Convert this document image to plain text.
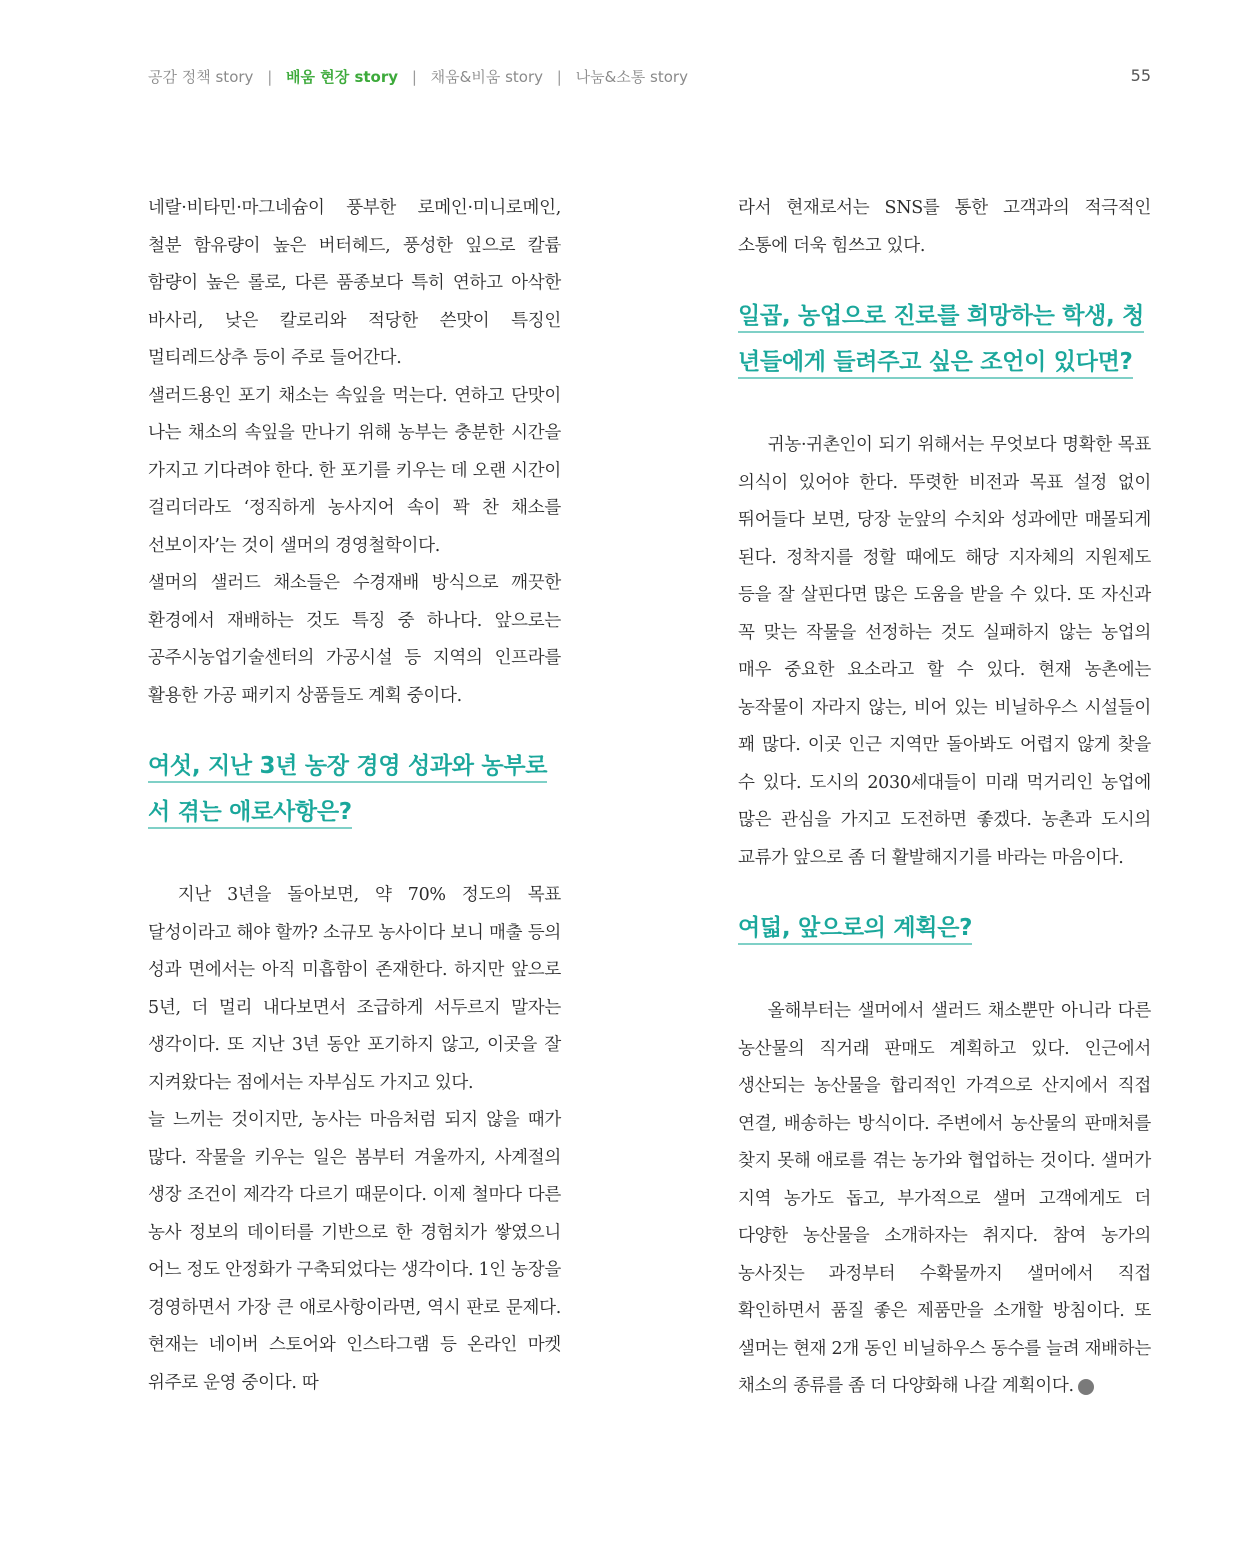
공감 정책 story | 배움 현장 story | 채움&비움 story | 나눔&소통 story	55

네랄·비타민·마그네슘이 풍부한 로메인·미니로메인, 철분 함유량이 높은 버터헤드, 풍성한 잎으로 칼륨 함량이 높은 롤로, 다른 품종보다 특히 연하고 아삭한 바사리, 낮은 칼로리와 적당한 쓴맛이 특징인 멀티레드상추 등이 주로 들어간다.

샐러드용인 포기 채소는 속잎을 먹는다. 연하고 단맛이 나는 채소의 속잎을 만나기 위해 농부는 충분한 시간을 가지고 기다려야 한다. 한 포기를 키우는 데 오랜 시간이 걸리더라도 ‘정직하게 농사지어 속이 꽉 찬 채소를 선보이자’는 것이 샐머의 경영철학이다.

샐머의 샐러드 채소들은 수경재배 방식으로 깨끗한 환경에서 재배하는 것도 특징 중 하나다. 앞으로는 공주시농업기술센터의 가공시설 등 지역의 인프라를 활용한 가공 패키지 상품들도 계획 중이다.

여섯, 지난 3년 농장 경영 성과와 농부로서 겪는 애로사항은?

지난 3년을 돌아보면, 약 70% 정도의 목표 달성이라고 해야 할까? 소규모 농사이다 보니 매출 등의 성과 면에서는 아직 미흡함이 존재한다. 하지만 앞으로 5년, 더 멀리 내다보면서 조급하게 서두르지 말자는 생각이다. 또 지난 3년 동안 포기하지 않고, 이곳을 잘 지켜왔다는 점에서는 자부심도 가지고 있다.

늘 느끼는 것이지만, 농사는 마음처럼 되지 않을 때가 많다. 작물을 키우는 일은 봄부터 겨울까지, 사계절의 생장 조건이 제각각 다르기 때문이다. 이제 철마다 다른 농사 정보의 데이터를 기반으로 한 경험치가 쌓였으니 어느 정도 안정화가 구축되었다는 생각이다. 1인 농장을 경영하면서 가장 큰 애로사항이라면, 역시 판로 문제다. 현재는 네이버 스토어와 인스타그램 등 온라인 마켓 위주로 운영 중이다. 따

라서 현재로서는 SNS를 통한 고객과의 적극적인 소통에 더욱 힘쓰고 있다.

일곱, 농업으로 진로를 희망하는 학생, 청년들에게 들려주고 싶은 조언이 있다면?

귀농·귀촌인이 되기 위해서는 무엇보다 명확한 목표 의식이 있어야 한다. 뚜렷한 비전과 목표 설정 없이 뛰어들다 보면, 당장 눈앞의 수치와 성과에만 매몰되게 된다. 정착지를 정할 때에도 해당 지자체의 지원제도 등을 잘 살핀다면 많은 도움을 받을 수 있다. 또 자신과 꼭 맞는 작물을 선정하는 것도 실패하지 않는 농업의 매우 중요한 요소라고 할 수 있다. 현재 농촌에는 농작물이 자라지 않는, 비어 있는 비닐하우스 시설들이 꽤 많다. 이곳 인근 지역만 돌아봐도 어렵지 않게 찾을 수 있다. 도시의 2030세대들이 미래 먹거리인 농업에 많은 관심을 가지고 도전하면 좋겠다. 농촌과 도시의 교류가 앞으로 좀 더 활발해지기를 바라는 마음이다.

여덟, 앞으로의 계획은?

올해부터는 샐머에서 샐러드 채소뿐만 아니라 다른 농산물의 직거래 판매도 계획하고 있다. 인근에서 생산되는 농산물을 합리적인 가격으로 산지에서 직접 연결, 배송하는 방식이다. 주변에서 농산물의 판매처를 찾지 못해 애로를 겪는 농가와 협업하는 것이다. 샐머가 지역 농가도 돕고, 부가적으로 샐머 고객에게도 더 다양한 농산물을 소개하자는 취지다. 참여 농가의 농사짓는 과정부터 수확물까지 샐머에서 직접 확인하면서 품질 좋은 제품만을 소개할 방침이다. 또 샐머는 현재 2개 동인 비닐하우스 동수를 늘려 재배하는 채소의 종류를 좀 더 다양화해 나갈 계획이다.	忠
